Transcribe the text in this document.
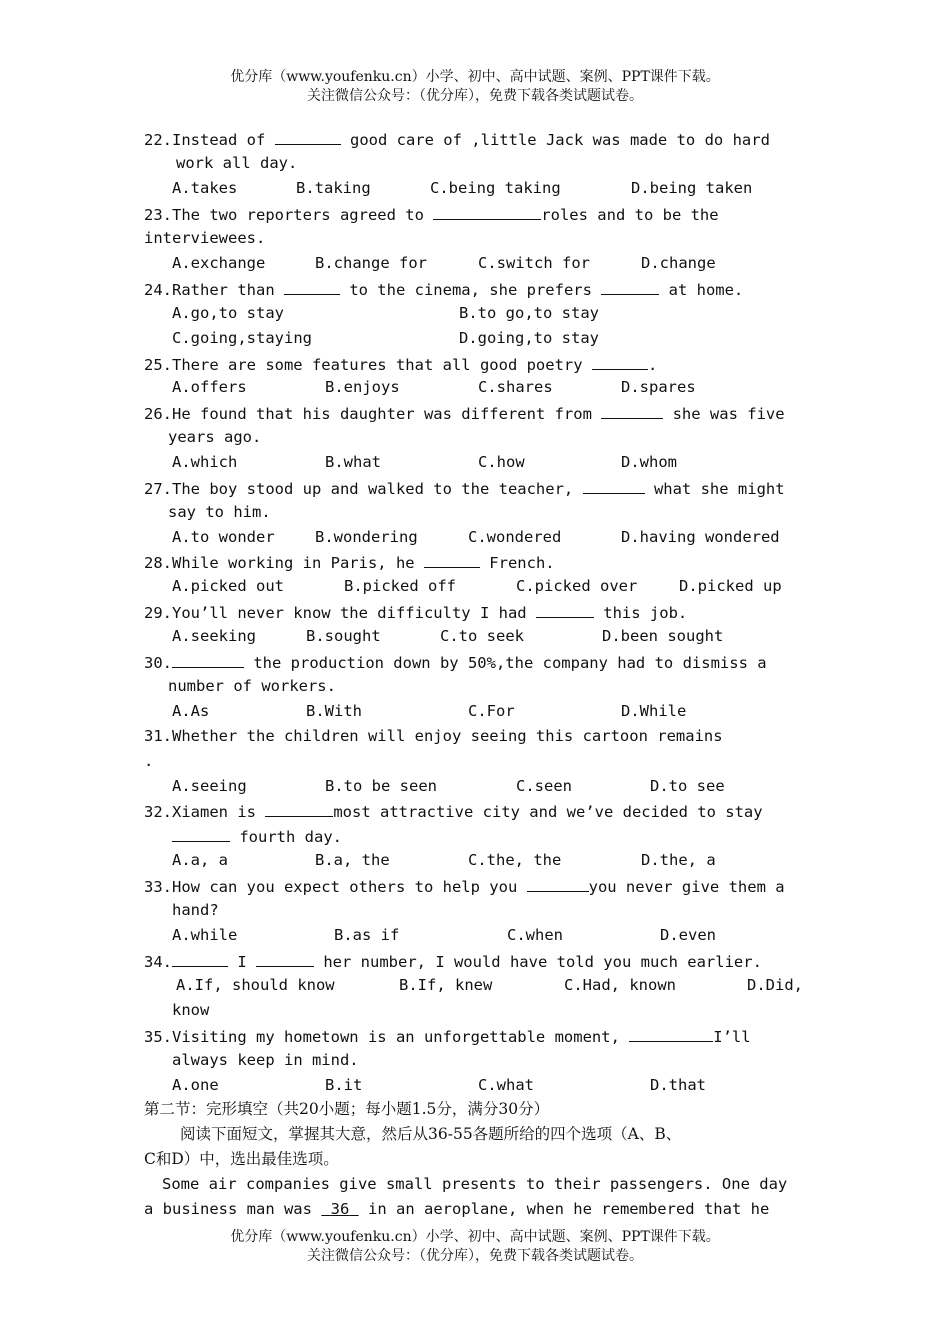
优分库（www.youfenku.cn）小学、初中、高中试题、案例、PPT课件下载。
关注微信公众号：（优分库），免费下载各类试题试卷。
22.Instead of	good care of ,little Jack was made to do hard
work all day.
A.takes	B.taking	C.being taking	D.being taken
23.The two reporters agreed to	roles and to be the
interviewees.
A.exchange	B.change for	C.switch for	D.change
24.Rather than	to the cinema, she prefers	at home.
A.go,to stay	B.to go,to stay
C.going,staying	D.going,to stay
25.There are some features that all good poetry	.
A.offers	B.enjoys	C.shares	D.spares
26.He found that his daughter was different from	she was five
years ago.
A.which	B.what	C.how	D.whom
27.The boy stood up and walked to the teacher,	what she might
say to him.
A.to wonder	B.wondering	C.wondered	D.having wondered
28.While working in Paris, he	French.
A.picked out	B.picked off	C.picked over	D.picked up
29.You’ll never know the difficulty I had	this job.
A.seeking	B.sought	C.to seek	D.been sought
30.	the production down by 50%,the company had to dismiss a
number of workers.
A.As	B.With	C.For	D.While
31.Whether the children will enjoy seeing this cartoon remains
.
A.seeing	B.to be seen	C.seen	D.to see
32.Xiamen is	most attractive city and we’ve decided to stay
fourth day.
A.a, a	B.a, the	C.the, the	D.the, a
33.How can you expect others to help you	you never give them a
hand?
A.while	B.as if	C.when	D.even
34.	I	her number, I would have told you much earlier.
A.If, should know	B.If, knew	C.Had, known	D.Did,
know
35.Visiting my hometown is an unforgettable moment,	I’ll
always keep in mind.
A.one	B.it	C.what	D.that
第二节：完形填空（共20小题；每小题1.5分，满分30分）
阅读下面短文，掌握其大意，然后从36-55各题所给的四个选项（A、B、
C和D）中，选出最佳选项。
Some air companies give small presents to their passengers. One day
a business man was  36  in an aeroplane, when he remembered that he
优分库（www.youfenku.cn）小学、初中、高中试题、案例、PPT课件下载。
关注微信公众号：（优分库），免费下载各类试题试卷。
